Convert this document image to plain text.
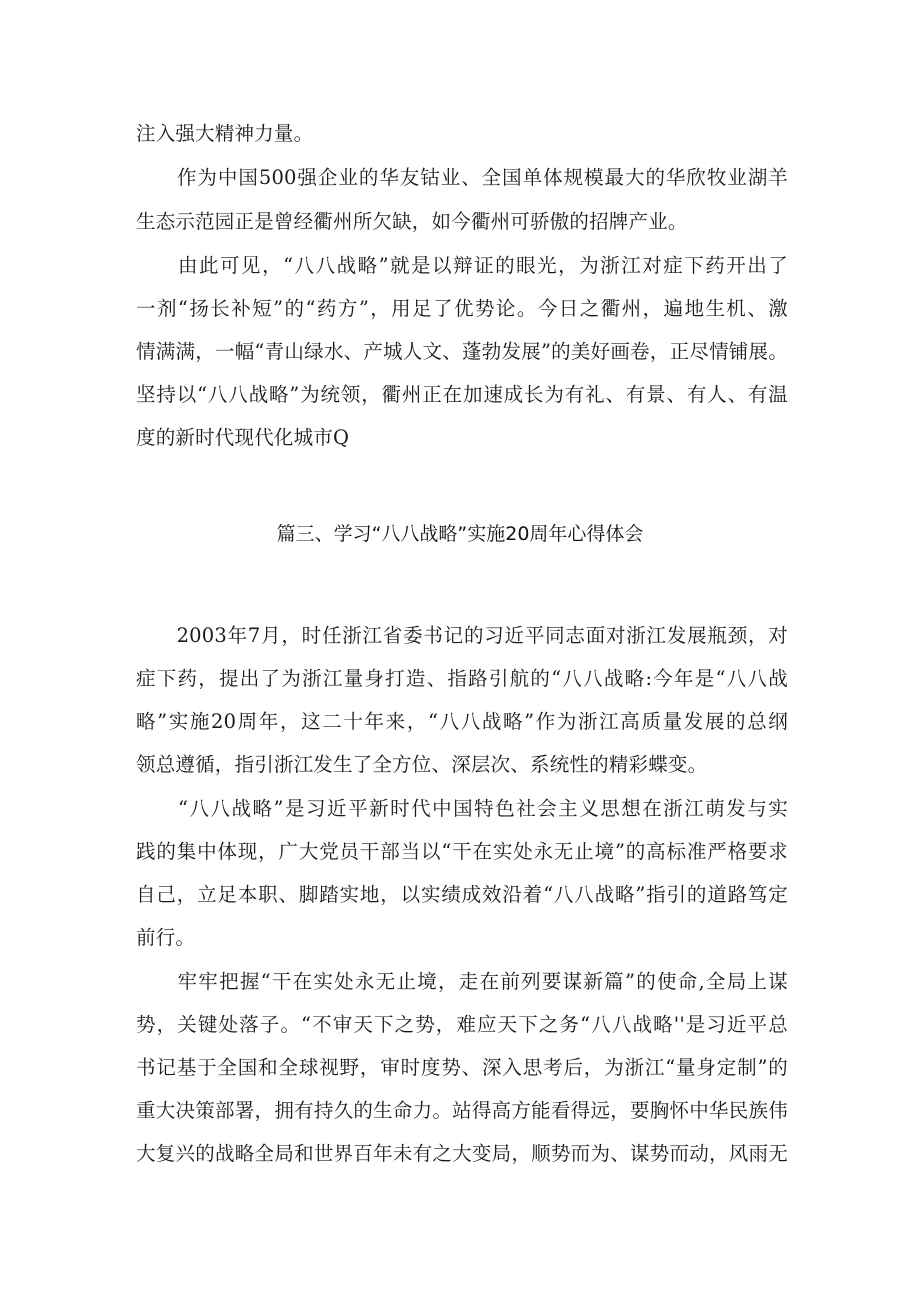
注入强大精神力量。
　　作为中国500强企业的华友钴业、全国单体规模最大的华欣牧业湖羊
生态示范园正是曾经衢州所欠缺，如今衢州可骄傲的招牌产业。
　　由此可见，“八八战略”就是以辩证的眼光，为浙江对症下药开出了
一剂“扬长补短”的“药方”，用足了优势论。今日之衢州，遍地生机、激
情满满，一幅“青山绿水、产城人文、蓬勃发展”的美好画卷，正尽情铺展。
坚持以“八八战略”为统领，衢州正在加速成长为有礼、有景、有人、有温
度的新时代现代化城市Q
篇三、学习“八八战略”实施20周年心得体会
　　2003年7月，时任浙江省委书记的习近平同志面对浙江发展瓶颈，对
症下药，提出了为浙江量身打造、指路引航的“八八战略:今年是“八八战
略”实施20周年，这二十年来，“八八战略”作为浙江高质量发展的总纲
领总遵循，指引浙江发生了全方位、深层次、系统性的精彩蝶变。
　　“八八战略”是习近平新时代中国特色社会主义思想在浙江萌发与实
践的集中体现，广大党员干部当以“干在实处永无止境”的高标准严格要求
自己，立足本职、脚踏实地，以实绩成效沿着“八八战略”指引的道路笃定
前行。
　　牢牢把握“干在实处永无止境，走在前列要谋新篇”的使命,全局上谋
势，关键处落子。“不审天下之势，难应天下之务“八八战略''是习近平总
书记基于全国和全球视野，审时度势、深入思考后，为浙江“量身定制”的
重大决策部署，拥有持久的生命力。站得高方能看得远，要胸怀中华民族伟
大复兴的战略全局和世界百年未有之大变局，顺势而为、谋势而动，风雨无
